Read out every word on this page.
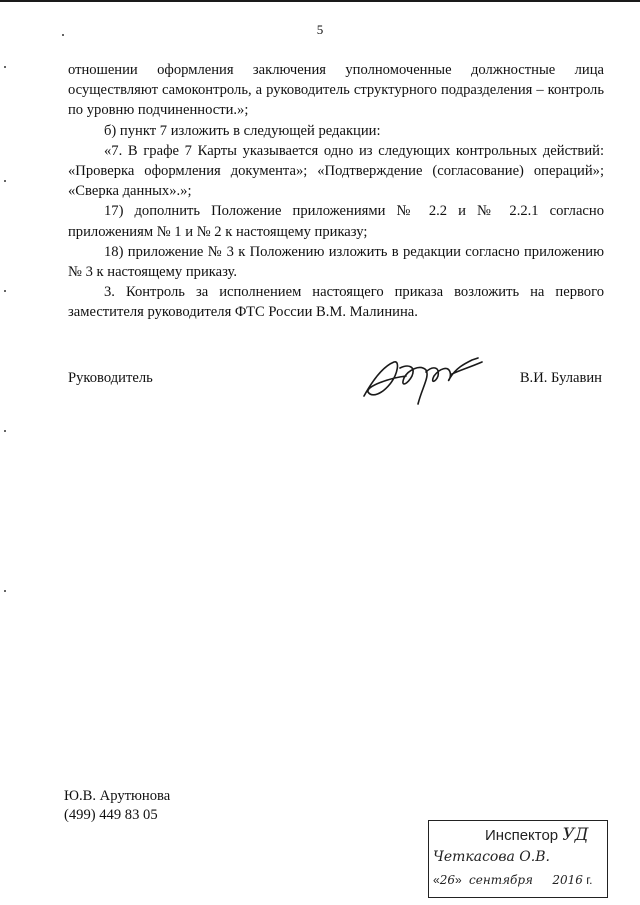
5

отношении оформления заключения уполномоченные должностные лица осуществляют самоконтроль, а руководитель структурного подразделения – контроль по уровню подчиненности.»;

б) пункт 7 изложить в следующей редакции:

«7. В графе 7 Карты указывается одно из следующих контрольных действий: «Проверка оформления документа»; «Подтверждение (согласование) операций»; «Сверка данных».»;

17) дополнить Положение приложениями № 2.2 и № 2.2.1 согласно приложениям № 1 и № 2 к настоящему приказу;

18) приложение № 3 к Положению изложить в редакции согласно приложению № 3 к настоящему приказу.

3. Контроль за исполнением настоящего приказа возложить на первого заместителя руководителя ФТС России В.М. Малинина.

Руководитель	В.И. Булавин
Ю.В. Арутюнова
(499) 449 83 05
Инспектор УД
Четкасова О.В.
«26» сентября 2016 г.
